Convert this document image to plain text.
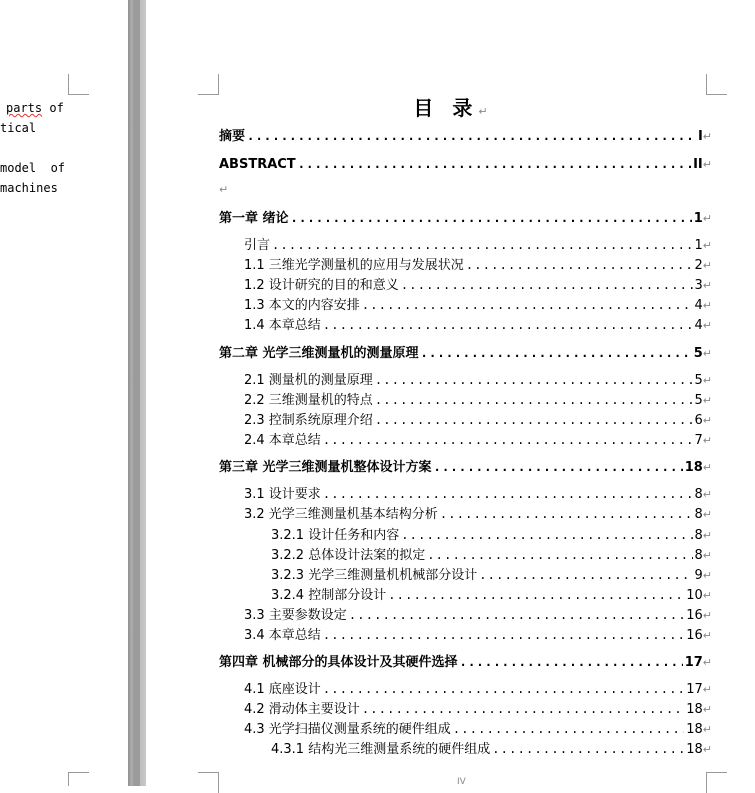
parts of
tical
model  of
machines
目 录↵
摘要 . . .	I ↵
ABSTRACT . . .	II ↵
第一章 绪论 . . .	1 ↵
引言 . . .	1 ↵
1.1 三维光学测量机的应用与发展状况 . . .	2 ↵
1.2 设计研究的目的和意义 . . .	3 ↵
1.3 本文的内容安排 . . .	4 ↵
1.4 本章总结 . . .	4 ↵
第二章 光学三维测量机的测量原理 . . .	5 ↵
2.1 测量机的测量原理 . . .	5 ↵
2.2 三维测量机的特点 . . .	5 ↵
2.3 控制系统原理介绍 . . .	6 ↵
2.4 本章总结 . . .	7 ↵
第三章 光学三维测量机整体设计方案 . . .	18 ↵
3.1 设计要求 . . .	8 ↵
3.2 光学三维测量机基本结构分析 . . .	8 ↵
3.2.1 设计任务和内容 . . .	8 ↵
3.2.2 总体设计法案的拟定 . . .	8 ↵
3.2.3 光学三维测量机机械部分设计 . . .	9 ↵
3.2.4 控制部分设计 . . .	10 ↵
3.3 主要参数设定 . . .	16 ↵
3.4 本章总结 . . .	16 ↵
第四章 机械部分的具体设计及其硬件选择 . . .	17 ↵
4.1 底座设计 . . .	17 ↵
4.2 滑动体主要设计 . . .	18 ↵
4.3 光学扫描仪测量系统的硬件组成 . . .	18 ↵
4.3.1 结构光三维测量系统的硬件组成 . . .	18 ↵
↵
IV
